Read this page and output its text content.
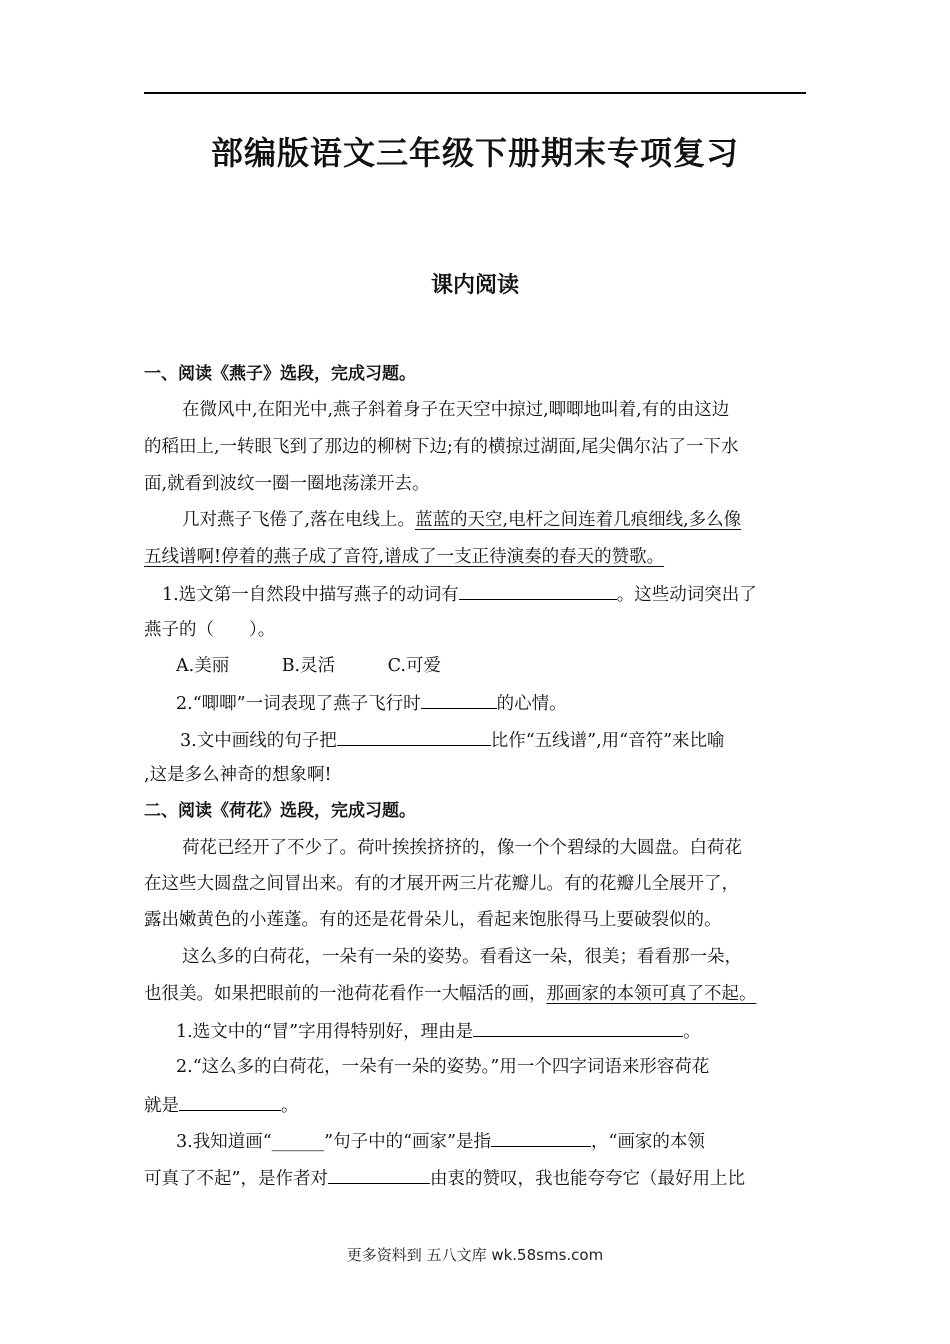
部编版语文三年级下册期末专项复习
课内阅读
一、阅读《燕子》选段，完成习题。
在微风中,在阳光中,燕子斜着身子在天空中掠过,唧唧地叫着,有的由这边
的稻田上,一转眼飞到了那边的柳树下边;有的横掠过湖面,尾尖偶尔沾了一下水
面,就看到波纹一圈一圈地荡漾开去。
几对燕子飞倦了,落在电线上。蓝蓝的天空,电杆之间连着几痕细线,多么像
五线谱啊!停着的燕子成了音符,谱成了一支正待演奏的春天的赞歌。
1.选文第一自然段中描写燕子的动词有	。这些动词突出了
燕子的（　　）。
A.美丽　　　B.灵活　　　C.可爱
2.“唧唧”一词表现了燕子飞行时	的心情。
3.文中画线的句子把	比作“五线谱”,用“音符”来比喻
,这是多么神奇的想象啊!
二、阅读《荷花》选段，完成习题。
荷花已经开了不少了。荷叶挨挨挤挤的，像一个个碧绿的大圆盘。白荷花
在这些大圆盘之间冒出来。有的才展开两三片花瓣儿。有的花瓣儿全展开了，
露出嫩黄色的小莲蓬。有的还是花骨朵儿，看起来饱胀得马上要破裂似的。
这么多的白荷花，一朵有一朵的姿势。看看这一朵，很美；看看那一朵，
也很美。如果把眼前的一池荷花看作一大幅活的画，那画家的本领可真了不起。
1.选文中的“冒”字用得特别好，理由是	。
2.“这么多的白荷花，一朵有一朵的姿势。”用一个四字词语来形容荷花
就是	。
3.我知道画“______”句子中的“画家”是指	，“画家的本领
可真了不起”，是作者对	由衷的赞叹，我也能夸夸它（最好用上比
更多资料到 五八文库 wk.58sms.com
